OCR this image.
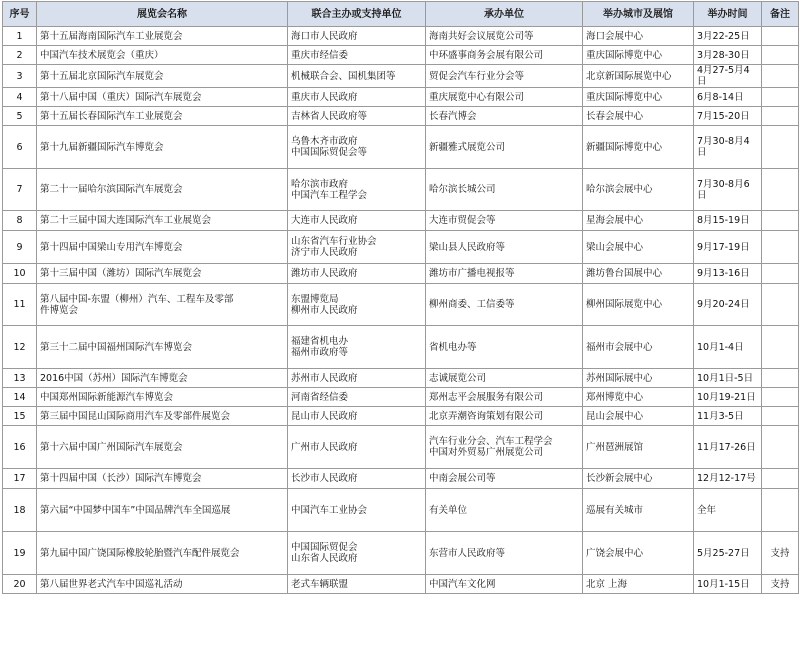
序号	展览会名称	联合主办或支持单位	承办单位	举办城市及展馆	举办时间	备注
1	第十五届海南国际汽车工业展览会	海口市人民政府	海南共好会议展览公司等	海口会展中心	3月22-25日	

2	中国汽车技术展览会（重庆）	重庆市经信委	中环盛事商务会展有限公司	重庆国际博览中心	3月28-30日	

3	第十五届北京国际汽车展览会	机械联合会、国机集团等	贸促会汽车行业分会等	北京新国际展览中心	4月27-5月4
日	

4	第十八届中国（重庆）国际汽车展览会	重庆市人民政府	重庆展览中心有限公司	重庆国际博览中心	6月8-14日	

5	第十五届长春国际汽车工业展览会	吉林省人民政府等	长春汽博会	长春会展中心	7月15-20日	

6	第十九届新疆国际汽车博览会	乌鲁木齐市政府
中国国际贸促会等	新疆雅式展览公司	新疆国际博览中心	7月30-8月4
日	

7	第二十一届哈尔滨国际汽车展览会	哈尔滨市政府
中国汽车工程学会	哈尔滨长城公司	哈尔滨会展中心	7月30-8月6
日	

8	第二十三届中国大连国际汽车工业展览会	大连市人民政府	大连市贸促会等	星海会展中心	8月15-19日	

9	第十四届中国梁山专用汽车博览会	山东省汽车行业协会
济宁市人民政府	梁山县人民政府等	梁山会展中心	9月17-19日	

10	第十三届中国（潍坊）国际汽车展览会	潍坊市人民政府	潍坊市广播电视报等	潍坊鲁台国展中心	9月13-16日	

11	第八届中国-东盟（柳州）汽车、工程车及零部
件博览会	东盟博览局
柳州市人民政府	柳州商委、工信委等	柳州国际展览中心	9月20-24日	

12	第三十二届中国福州国际汽车博览会	福建省机电办
福州市政府等	省机电办等	福州市会展中心	10月1-4日	

13	2016中国（苏州）国际汽车博览会	苏州市人民政府	志诚展览公司	苏州国际展中心	10月1日-5日	

14	中国郑州国际新能源汽车博览会	河南省经信委	郑州志平会展服务有限公司	郑州博览中心	10月19-21日	

15	第三届中国昆山国际商用汽车及零部件展览会	昆山市人民政府	北京弄潮咨询策划有限公司	昆山会展中心	11月3-5日	

16	第十六届中国广州国际汽车展览会	广州市人民政府	汽车行业分会、汽车工程学会
中国对外贸易广州展览公司	广州琶洲展馆	11月17-26日	

17	第十四届中国（长沙）国际汽车博览会	长沙市人民政府	中南会展公司等	长沙新会展中心	12月12-17号	

18	第六届“中国梦中国车”中国品牌汽车全国巡展	中国汽车工业协会	有关单位	巡展有关城市	全年	

19	第九届中国广饶国际橡胶轮胎暨汽车配件展览会	中国国际贸促会
山东省人民政府	东营市人民政府等	广饶会展中心	5月25-27日	支持
20	第八届世界老式汽车中国巡礼活动	老式车辆联盟	中国汽车文化网	北京 上海	10月1-15日	支持
